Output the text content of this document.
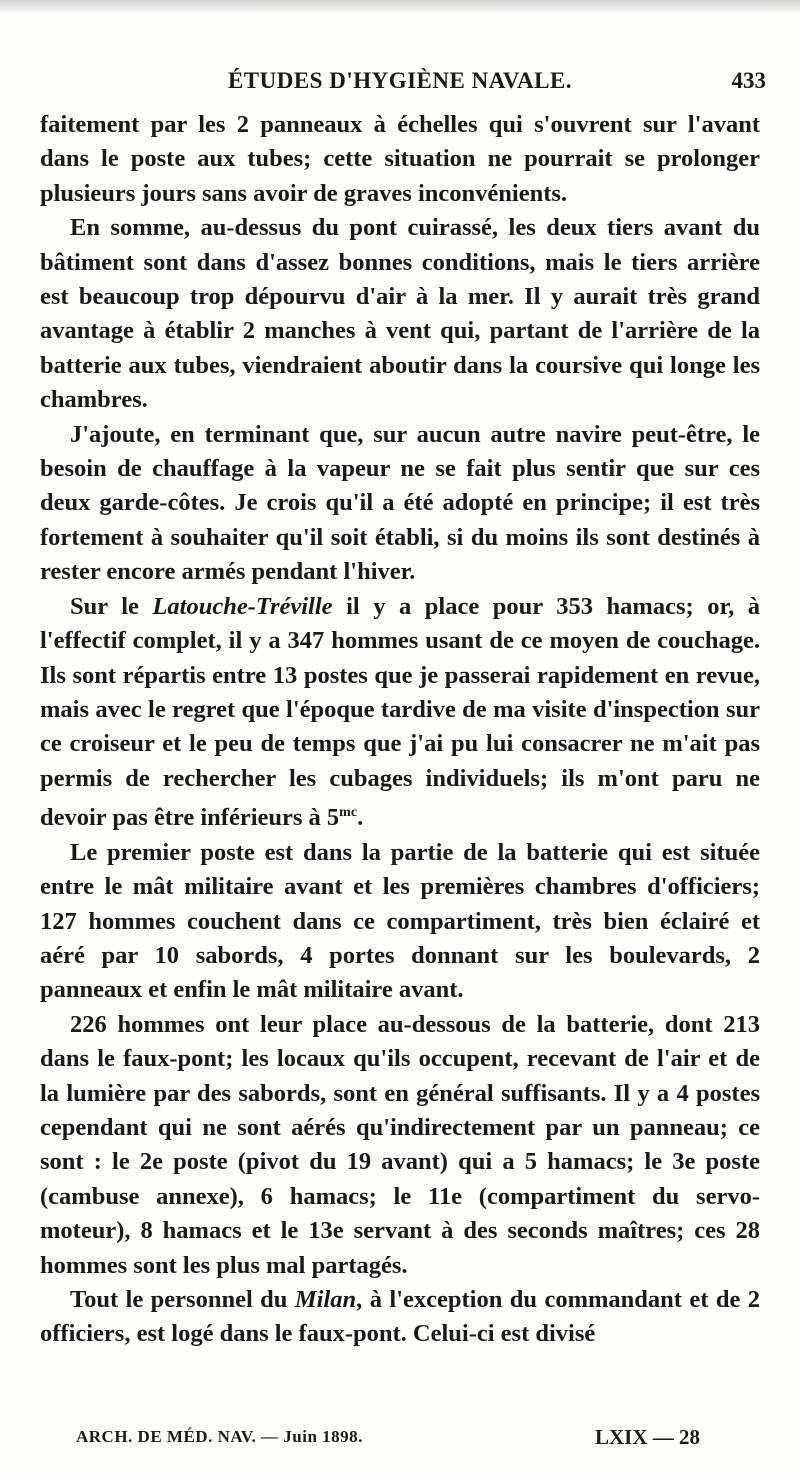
ÉTUDES D'HYGIÈNE NAVALE.	433

faitement par les 2 panneaux à échelles qui s'ouvrent sur l'avant dans le poste aux tubes; cette situation ne pourrait se prolonger plusieurs jours sans avoir de graves inconvénients.

En somme, au-dessus du pont cuirassé, les deux tiers avant du bâtiment sont dans d'assez bonnes conditions, mais le tiers arrière est beaucoup trop dépourvu d'air à la mer. Il y aurait très grand avantage à établir 2 manches à vent qui, partant de l'arrière de la batterie aux tubes, viendraient aboutir dans la coursive qui longe les chambres.

J'ajoute, en terminant que, sur aucun autre navire peut-être, le besoin de chauffage à la vapeur ne se fait plus sentir que sur ces deux garde-côtes. Je crois qu'il a été adopté en principe; il est très fortement à souhaiter qu'il soit établi, si du moins ils sont destinés à rester encore armés pendant l'hiver.

Sur le Latouche-Tréville il y a place pour 353 hamacs; or, à l'effectif complet, il y a 347 hommes usant de ce moyen de couchage. Ils sont répartis entre 13 postes que je passerai rapidement en revue, mais avec le regret que l'époque tardive de ma visite d'inspection sur ce croiseur et le peu de temps que j'ai pu lui consacrer ne m'ait pas permis de rechercher les cubages individuels; ils m'ont paru ne devoir pas être inférieurs à $5^{mc}$.

Le premier poste est dans la partie de la batterie qui est située entre le mât militaire avant et les premières chambres d'officiers; 127 hommes couchent dans ce compartiment, très bien éclairé et aéré par 10 sabords, 4 portes donnant sur les boulevards, 2 panneaux et enfin le mât militaire avant.

226 hommes ont leur place au-dessous de la batterie, dont 213 dans le faux-pont; les locaux qu'ils occupent, recevant de l'air et de la lumière par des sabords, sont en général suffisants. Il y a 4 postes cependant qui ne sont aérés qu'indirectement par un panneau; ce sont : le 2e poste (pivot du 19 avant) qui a 5 hamacs; le 3e poste (cambuse annexe), 6 hamacs; le 11e (compartiment du servo-moteur), 8 hamacs et le 13e servant à des seconds maîtres; ces 28 hommes sont les plus mal partagés.

Tout le personnel du Milan, à l'exception du commandant et de 2 officiers, est logé dans le faux-pont. Celui-ci est divisé

ARCH. DE MÉD. NAV. — Juin 1898.	LXIX — 28
